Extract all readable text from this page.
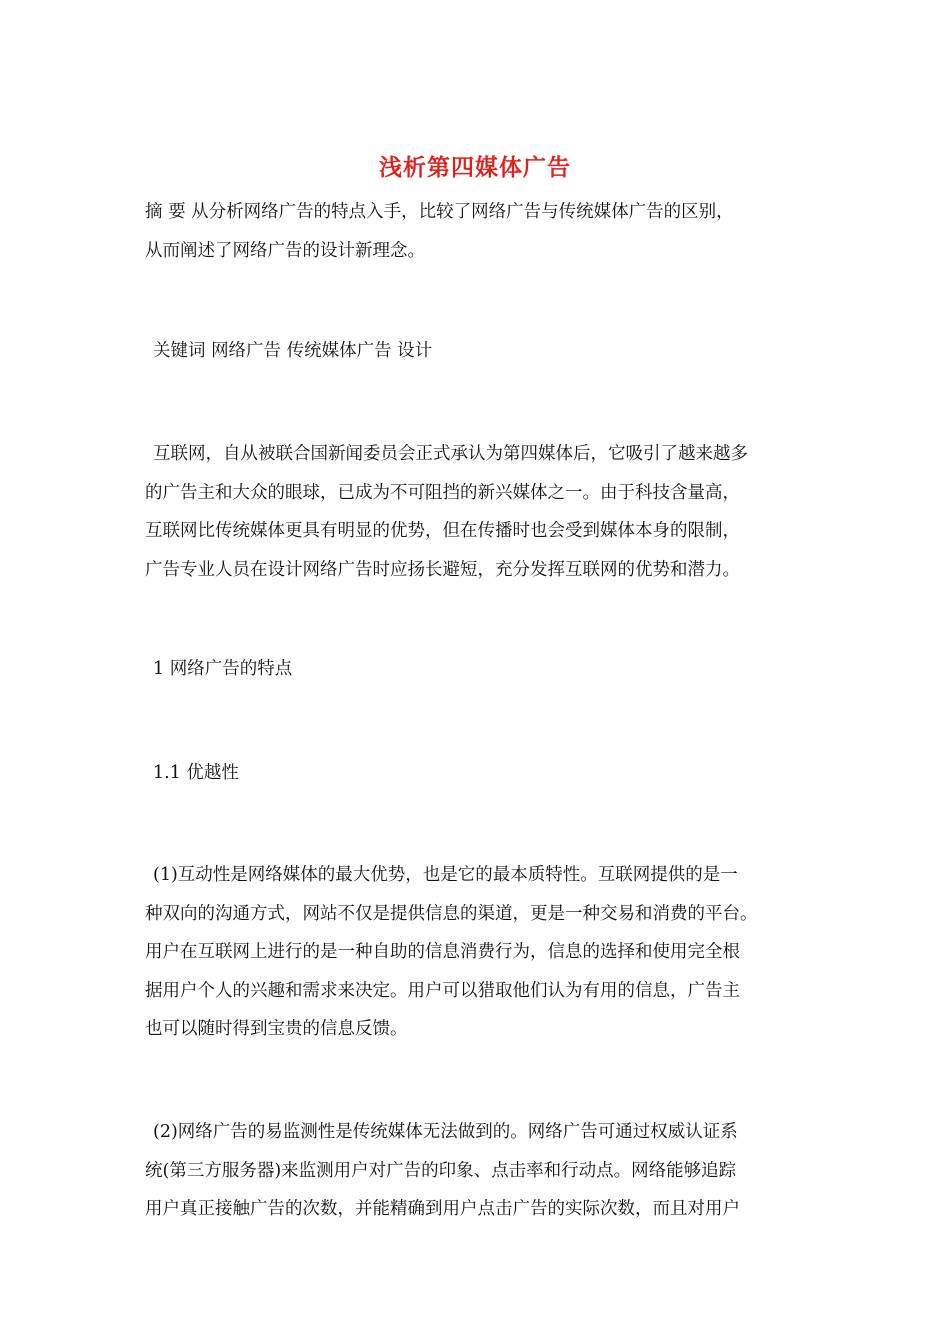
浅析第四媒体广告
摘 要 从分析网络广告的特点入手，比较了网络广告与传统媒体广告的区别，
从而阐述了网络广告的设计新理念。
关键词 网络广告 传统媒体广告 设计
互联网，自从被联合国新闻委员会正式承认为第四媒体后，它吸引了越来越多
的广告主和大众的眼球，已成为不可阻挡的新兴媒体之一。由于科技含量高，
互联网比传统媒体更具有明显的优势，但在传播时也会受到媒体本身的限制，
广告专业人员在设计网络广告时应扬长避短，充分发挥互联网的优势和潜力。
1 网络广告的特点
1.1 优越性
(1)互动性是网络媒体的最大优势，也是它的最本质特性。互联网提供的是一
种双向的沟通方式，网站不仅是提供信息的渠道，更是一种交易和消费的平台。
用户在互联网上进行的是一种自助的信息消费行为，信息的选择和使用完全根
据用户个人的兴趣和需求来决定。用户可以猎取他们认为有用的信息，广告主
也可以随时得到宝贵的信息反馈。
(2)网络广告的易监测性是传统媒体无法做到的。网络广告可通过权威认证系
统(第三方服务器)来监测用户对广告的印象、点击率和行动点。网络能够追踪
用户真正接触广告的次数，并能精确到用户点击广告的实际次数，而且对用户
